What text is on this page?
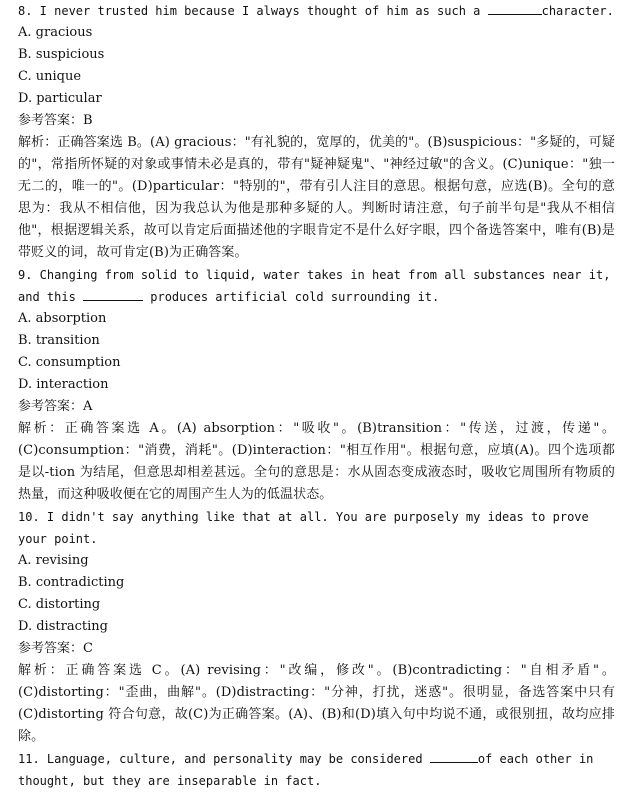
8. I never trusted him because I always thought of him as such a	character.

A. gracious

B. suspicious

C. unique

D. particular

参考答案：B

解析：正确答案选 B。(A) gracious："有礼貌的，宽厚的，优美的"。(B)suspicious："多疑的，可疑的"，常指所怀疑的对象或事情未必是真的，带有"疑神疑鬼"、"神经过敏"的含义。(C)unique："独一无二的，唯一的"。(D)particular："特别的"，带有引人注目的意思。根据句意，应选(B)。全句的意思为：我从不相信他，因为我总认为他是那种多疑的人。判断时请注意，句子前半句是"我从不相信他"，根据逻辑关系，故可以肯定后面描述他的字眼肯定不是什么好字眼，四个备选答案中，唯有(B)是带贬义的词，故可肯定(B)为正确答案。

9. Changing from solid to liquid, water takes in heat from all substances near it, and this	produces artificial cold surrounding it.

A. absorption

B. transition

C. consumption

D. interaction

参考答案：A

解析：正确答案选 A。(A) absorption："吸收"。(B)transition："传送，过渡，传递"。(C)consumption："消费，消耗"。(D)interaction："相互作用"。根据句意，应填(A)。四个选项都是以-tion 为结尾，但意思却相差甚远。全句的意思是：水从固态变成液态时，吸收它周围所有物质的热量，而这种吸收便在它的周围产生人为的低温状态。

10. I didn't say anything like that at all. You are purposely my ideas to prove your point.

A. revising

B. contradicting

C. distorting

D. distracting

参考答案：C

解析：正确答案选 C。(A) revising："改编，修改"。(B)contradicting："自相矛盾"。(C)distorting："歪曲，曲解"。(D)distracting："分神，打扰，迷惑"。很明显，备选答案中只有(C)distorting 符合句意，故(C)为正确答案。(A)、(B)和(D)填入句中均说不通，或很别扭，故均应排除。

11. Language, culture, and personality may be considered	of each other in thought, but they are inseparable in fact.
